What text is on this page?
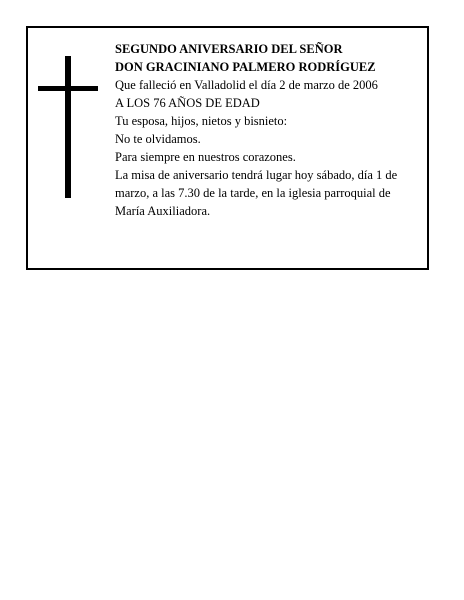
SEGUNDO ANIVERSARIO DEL SEÑOR
DON GRACINIANO PALMERO RODRÍGUEZ
Que falleció en Valladolid el día 2 de marzo de 2006
A LOS 76 AÑOS DE EDAD
Tu esposa, hijos, nietos y bisnieto:
No te olvidamos.
Para siempre en nuestros corazones.
La misa de aniversario tendrá lugar hoy sábado, día 1 de marzo, a las 7.30 de la tarde, en la iglesia parroquial de María Auxiliadora.
